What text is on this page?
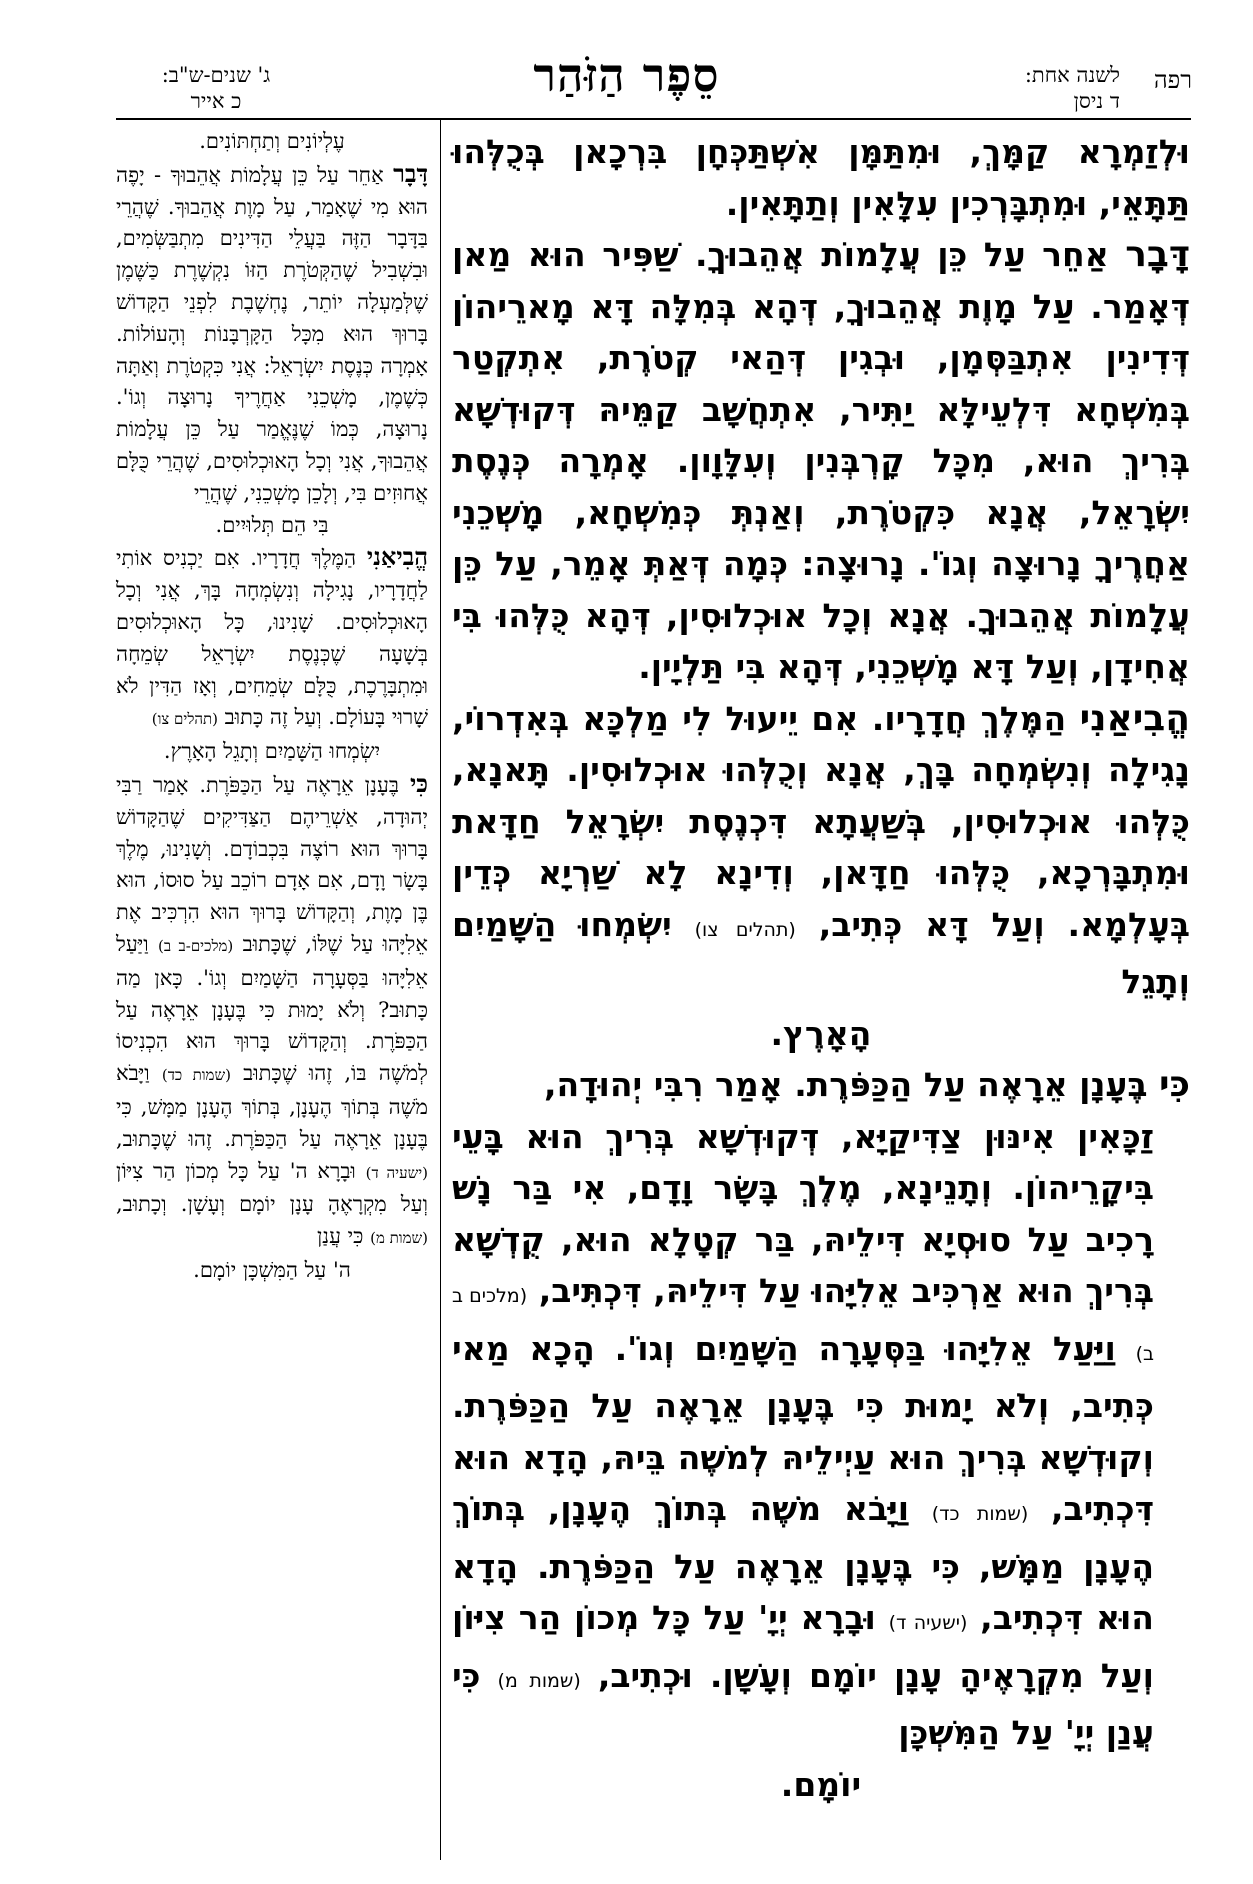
רפה
לשנה אחת:
ד ניסן
סֵפֶר הַזֹּהַר
ג' שנים-ש"ב:
כ אייר

וּלְזַמְרָא קַמָּךְ, וּמִתַּמָּן אִשְׁתַּכְּחָן בִּרְכָאן בְּכֻלְּהוּ תַּתָּאֵי, וּמִתְבָּרְכִין עִלָּאִין וְתַתָּאִין.

דָּבָר אַחֵר עַל כֵּן עֲלָמוֹת אֲהֵבוּךָ. שַׁפִּיר הוּא מַאן דְּאָמַר. עַל מָוֶת אֲהֵבוּךָ, דְּהָא בְּמִלָּה דָּא מָארֵיהוֹן דְּדִינִין אִתְבַּסְּמָן, וּבְגִין דְּהַאי קְטֹרֶת, אִתְקְטַר בְּמִשְׁחָא דִּלְעֵילָּא יַתִּיר, אִתְחֲשָׁב קַמֵּיהּ דְּקוּדְשָׁא בְּרִיךְ הוּא, מִכָּל קָרְבְּנִין וְעִלָּוָון. אָמְרָה כְּנֶסֶת יִשְׂרָאֵל, אֲנָא כִּקְטֹרֶת, וְאַנְתְּ כְּמִשְׁחָא, מָשְׁכֵנִי אַחֲרֶיךָ נָרוּצָה וְגוֹ'. נָרוּצָה: כְּמָה דְּאַתְּ אָמֵר, עַל כֵּן עֲלָמוֹת אֲהֵבוּךָ. אֲנָא וְכָל אוּכְלוּסִין, דְּהָא כֻּלְּהוּ בִּי אֲחִידָן, וְעַל דָּא מָשְׁכֵנִי, דְּהָא בִּי תַּלְיָין.

הֱבִיאַנִי הַמֶּלֶךְ חֲדָרָיו. אִם יֵיעוּל לִי מַלְכָּא בְּאִדְרוֹי, נָגִילָה וְנִשְׂמְחָה בָּךְ, אֲנָא וְכֻלְּהוּ אוּכְלוּסִין. תָּאנָא, כֻּלְּהוּ אוּכְלוּסִין, בְּשַׁעֲתָא דִּכְנֶסֶת יִשְׂרָאֵל חַדָּאת וּמִתְבָּרְכָא, כֻּלְּהוּ חַדָּאן, וְדִינָא לָא שַׁרְיָא כְּדֵין בְּעָלְמָא. וְעַל דָּא כְּתִיב, (תהלים צו) יִשְׂמְחוּ הַשָּׁמַיִם וְתָגֵל

הָאָרֶץ.

כִּי בֶּעָנָן אֵרָאֶה עַל הַכַּפֹּרֶת. אָמַר רִבִּי יְהוּדָה,

זַכָּאִין אִינּוּן צַדִּיקַיָּא, דְּקוּדְשָׁא בְּרִיךְ הוּא בָּעֵי בִּיקָרֵיהוֹן. וְתָנֵינָא, מֶלֶךְ בָּשָׂר וָדָם, אִי בַּר נָשׁ רָכִיב עַל סוּסְיָא דִּילֵיהּ, בַּר קְטָלָא הוּא, קֻדְשָׁא בְּרִיךְ הוּא אַרְכִּיב אֵלִיָּהוּ עַל דִּילֵיהּ, דִּכְתִּיב, (מלכים ב ב) וַיַּעַל אֵלִיָּהוּ בַּסְּעָרָה הַשָּׁמַיִם וְגוֹ'. הָכָא מַאי כְּתִיב, וְלֹא יָמוּת כִּי בֶּעָנָן אֵרָאֶה עַל הַכַּפֹּרֶת. וְקוּדְשָׁא בְּרִיךְ הוּא עַיְילֵיהּ לְמֹשֶׁה בֵּיהּ, הָדָא הוּא דִּכְתִיב, (שמות כד) וַיָּבֹא מֹשֶׁה בְּתוֹךְ הֶעָנָן, בְּתוֹךְ הֶעָנָן מַמָּשׁ, כִּי בֶּעָנָן אֵרָאֶה עַל הַכַּפֹּרֶת. הָדָא הוּא דִּכְתִיב, (ישעיה ד) וּבָרָא יְיָ' עַל כָּל מְכוֹן הַר צִיּוֹן וְעַל מִקְרָאֶיהָ עָנָן יוֹמָם וְעָשָׁן. וּכְתִיב, (שמות מ) כִּי עֲנַן יְיָ' עַל הַמִּשְׁכָּן

יוֹמָם.

עֶלְיוֹנִים וְתַחְתּוֹנִים.

דָּבָר אַחֵר עַל כֵּן עֲלָמוֹת אֲהֵבוּךָ - יָפֶה הוּא מִי שֶׁאָמַר, עַל מָוֶת אֲהֵבוּךָ. שֶׁהֲרֵי בַּדָּבָר הַזֶּה בַּעֲלֵי הַדִּינִים מִתְבַּשְּׂמִים, וּבִשְׁבִיל שֶׁהַקְּטֹרֶת הַזּוֹ נִקְשֶׁרֶת כַּשֶּׁמֶן שֶׁלְּמַעְלָה יוֹתֵר, נֶחְשֶׁבֶת לִפְנֵי הַקָּדוֹשׁ בָּרוּךְ הוּא מִכָּל הַקָּרְבָּנוֹת וְהָעוֹלוֹת. אָמְרָה כְּנֶסֶת יִשְׂרָאֵל: אֲנִי כִּקְטֹרֶת וְאַתָּה כְּשֶׁמֶן, מָשְׁכֵנִי אַחֲרֶיךָ נָרוּצָה וְגוֹ'. נָרוּצָה, כְּמוֹ שֶׁנֶּאֱמַר עַל כֵּן עֲלָמוֹת אֲהֵבוּךָ, אֲנִי וְכָל הָאוּכְלוּסִים, שֶׁהֲרֵי כֻּלָּם אֲחוּזִים בִּי, וְלָכֵן מָשְׁכֵנִי, שֶׁהֲרֵי

בִּי הֵם תְּלוּיִים.

הֱבִיאַנִי הַמֶּלֶךְ חֲדָרָיו. אִם יַכְנִיס אוֹתִי לַחֲדָרָיו, נָגִילָה וְנִשְׂמְחָה בָּךְ, אֲנִי וְכָל הָאוּכְלוּסִים. שָׁנִינוּ, כָּל הָאוּכְלוּסִים בְּשָׁעָה שֶׁכְּנֶסֶת יִשְׂרָאֵל שְׂמֵחָה וּמִתְבָּרֶכֶת, כֻּלָּם שְׂמֵחִים, וְאָז הַדִּין לֹא שָׁרוּי בָּעוֹלָם. וְעַל זֶה כָּתוּב (תהלים צו)

יִשְׂמְחוּ הַשָּׁמַיִם וְתָגֵל הָאָרֶץ.

כִּי בֶּעָנָן אֵרָאֶה עַל הַכַּפֹּרֶת. אָמַר רַבִּי יְהוּדָה, אַשְׁרֵיהֶם הַצַּדִּיקִים שֶׁהַקָּדוֹשׁ בָּרוּךְ הוּא רוֹצֶה בִּכְבוֹדָם. וְשָׁנִינוּ, מֶלֶךְ בָּשָׂר וָדָם, אִם אָדָם רוֹכֵב עַל סוּסוֹ, הוּא בֶּן מָוֶת, וְהַקָּדוֹשׁ בָּרוּךְ הוּא הִרְכִּיב אֶת אֵלִיָּהוּ עַל שֶׁלּוֹ, שֶׁכָּתוּב (מלכים-ב ב) וַיַּעַל אֵלִיָּהוּ בַּסְּעָרָה הַשָּׁמַיִם וְגוֹ'. כָּאן מַה כָּתוּב? וְלֹא יָמוּת כִּי בֶּעָנָן אֵרָאֶה עַל הַכַּפֹּרֶת. וְהַקָּדוֹשׁ בָּרוּךְ הוּא הִכְנִיסוֹ לְמֹשֶׁה בּוֹ, זֶהוּ שֶׁכָּתוּב (שמות כד) וַיָּבֹא מֹשֶׁה בְּתוֹךְ הֶעָנָן, בְּתוֹךְ הֶעָנָן מַמָּשׁ, כִּי בֶּעָנָן אֵרָאֶה עַל הַכַּפֹּרֶת. זֶהוּ שֶׁכָּתוּב, (ישעיה ד) וּבָרָא ה' עַל כָּל מְכוֹן הַר צִיּוֹן וְעַל מִקְרָאֶהָ עָנָן יוֹמָם וְעָשָׁן. וְכָתוּב, (שמות מ) כִּי עֲנַן

ה' עַל הַמִּשְׁכָּן יוֹמָם.
